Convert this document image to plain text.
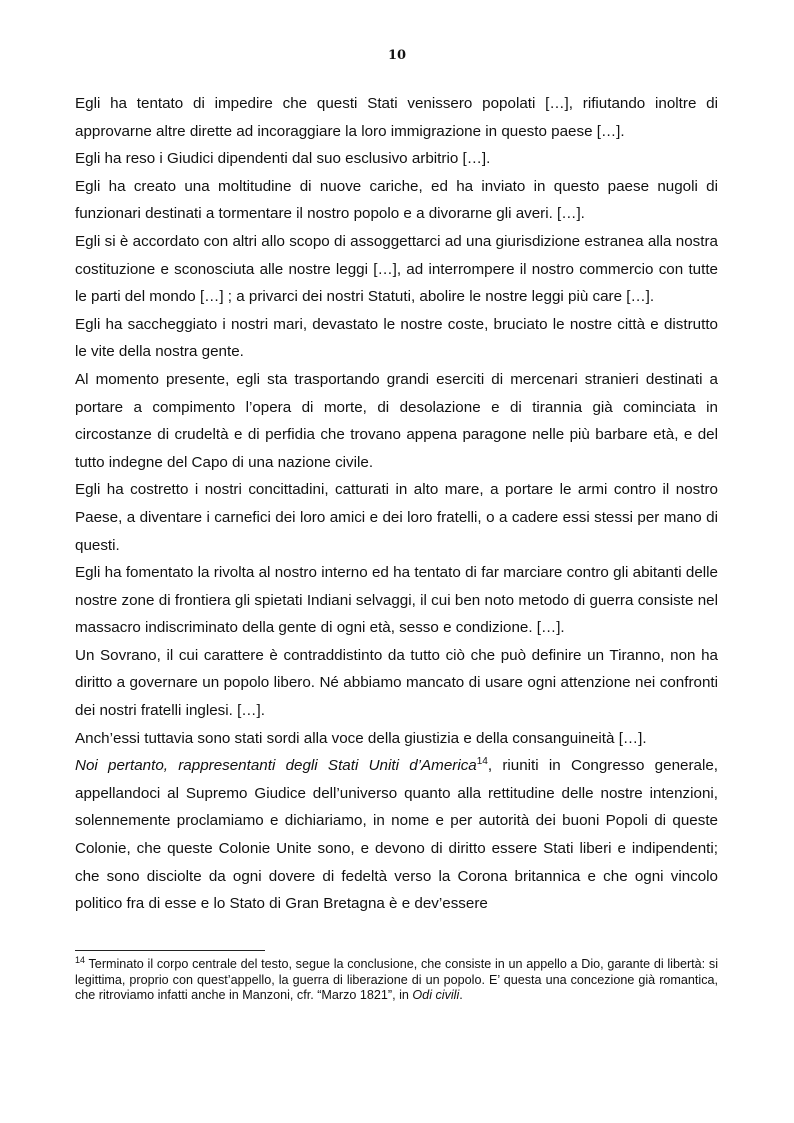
10

Egli ha tentato di impedire che questi Stati venissero popolati […], rifiutando inoltre di approvarne altre dirette ad incoraggiare la loro immigrazione in questo paese […].

Egli ha reso i Giudici dipendenti dal suo esclusivo arbitrio […].

Egli ha creato una moltitudine di nuove cariche, ed ha inviato in questo paese nugoli di funzionari destinati a tormentare il nostro popolo e a divorarne gli averi. […].

Egli si è accordato con altri allo scopo di assoggettarci ad una giurisdizione estranea alla nostra costituzione e sconosciuta alle nostre leggi […], ad interrompere il nostro commercio con tutte le parti del mondo […] ; a privarci dei nostri Statuti, abolire le nostre leggi più care […].

Egli ha saccheggiato i nostri mari, devastato le nostre coste, bruciato le nostre città e distrutto le vite della nostra gente.

Al momento presente, egli sta trasportando grandi eserciti di mercenari stranieri destinati a portare a compimento l’opera di morte, di desolazione e di tirannia già cominciata in circostanze di crudeltà e di perfidia che trovano appena paragone nelle più barbare età, e del tutto indegne del Capo di una nazione civile.

Egli ha costretto i nostri concittadini, catturati in alto mare, a portare le armi contro il nostro Paese, a diventare i carnefici dei loro amici e dei loro fratelli, o a cadere essi stessi per mano di questi.

Egli ha fomentato la rivolta al nostro interno ed ha tentato di far marciare contro gli abitanti delle nostre zone di frontiera gli spietati Indiani selvaggi, il cui ben noto metodo di guerra consiste nel massacro indiscriminato della gente di ogni età, sesso e condizione. […].

Un Sovrano, il cui carattere è contraddistinto da tutto ciò che può definire un Tiranno, non ha diritto a governare un popolo libero. Né abbiamo mancato di usare ogni attenzione nei confronti dei nostri fratelli inglesi. […].

Anch’essi tuttavia sono stati sordi alla voce della giustizia e della consanguineità […].

Noi pertanto, rappresentanti degli Stati Uniti d’America$^{14}$, riuniti in Congresso generale, appellandoci al Supremo Giudice dell’universo quanto alla rettitudine delle nostre intenzioni, solennemente proclamiamo e dichiariamo, in nome e per autorità dei buoni Popoli di queste Colonie, che queste Colonie Unite sono, e devono di diritto essere Stati liberi e indipendenti; che sono disciolte da ogni dovere di fedeltà verso la Corona britannica e che ogni vincolo politico fra di esse e lo Stato di Gran Bretagna è e dev’essere

$^{14}$ Terminato il corpo centrale del testo, segue la conclusione, che consiste in un appello a Dio, garante di libertà: si legittima, proprio con quest’appello, la guerra di liberazione di un popolo. E’ questa una concezione già romantica, che ritroviamo infatti anche in Manzoni, cfr. “Marzo 1821”, in Odi civili.
